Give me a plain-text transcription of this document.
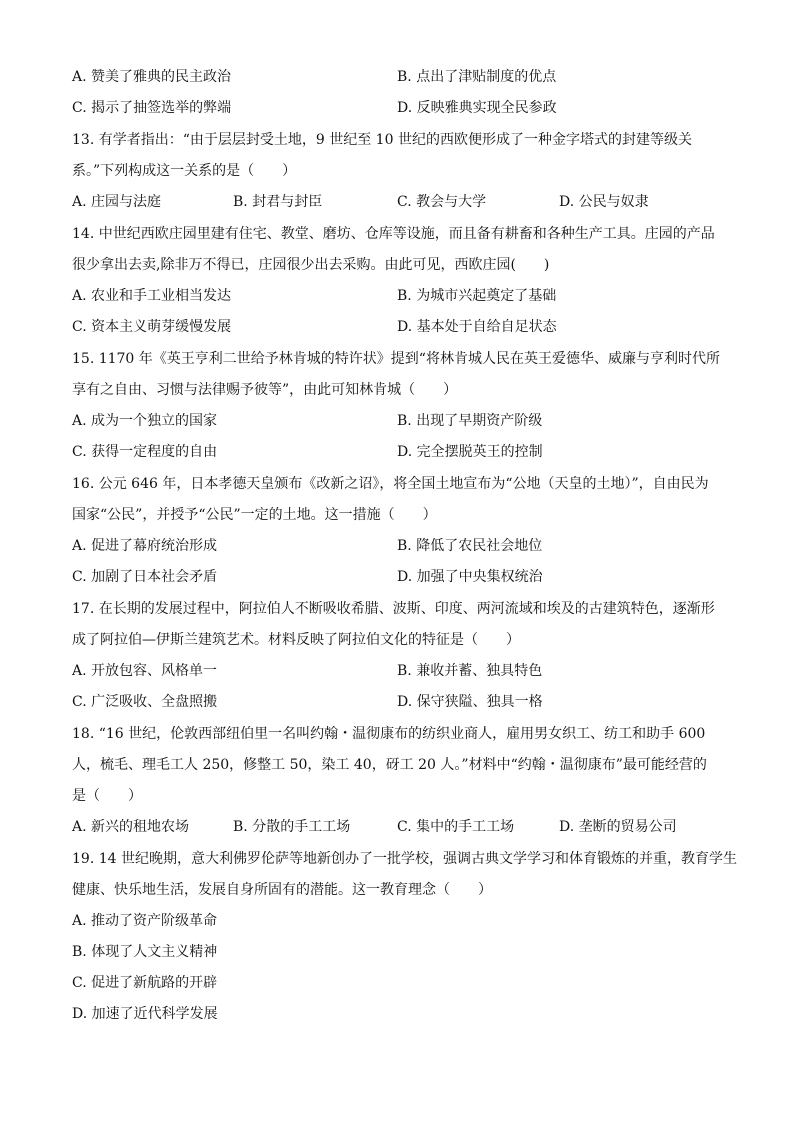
A. 赞美了雅典的民主政治	B. 点出了津贴制度的优点
C. 揭示了抽签选举的弊端	D. 反映雅典实现全民参政
13. 有学者指出：“由于层层封受土地，9 世纪至 10 世纪的西欧便形成了一种金字塔式的封建等级关
系。”下列构成这一关系的是（　　）
A. 庄园与法庭	B. 封君与封臣	C. 教会与大学	D. 公民与奴隶
14. 中世纪西欧庄园里建有住宅、教堂、磨坊、仓库等设施，而且备有耕畜和各种生产工具。庄园的产品
很少拿出去卖,除非万不得已，庄园很少出去采购。由此可见，西欧庄园(　　)
A. 农业和手工业相当发达	B. 为城市兴起奠定了基础
C. 资本主义萌芽缓慢发展	D. 基本处于自给自足状态
15. 1170 年《英王亨利二世给予林肯城的特许状》提到“将林肯城人民在英王爱德华、威廉与亨利时代所
享有之自由、习惯与法律赐予彼等”，由此可知林肯城（　　）
A. 成为一个独立的国家	B. 出现了早期资产阶级
C. 获得一定程度的自由	D. 完全摆脱英王的控制
16. 公元 646 年，日本孝德天皇颁布《改新之诏》，将全国土地宣布为“公地（天皇的土地）”，自由民为
国家“公民”，并授予“公民”一定的土地。这一措施（　　）
A. 促进了幕府统治形成	B. 降低了农民社会地位
C. 加剧了日本社会矛盾	D. 加强了中央集权统治
17. 在长期的发展过程中，阿拉伯人不断吸收希腊、波斯、印度、两河流域和埃及的古建筑特色，逐渐形
成了阿拉伯—伊斯兰建筑艺术。材料反映了阿拉伯文化的特征是（　　）
A. 开放包容、风格单一	B. 兼收并蓄、独具特色
C. 广泛吸收、全盘照搬	D. 保守狭隘、独具一格
18. “16 世纪，伦敦西部纽伯里一名叫约翰・温彻康布的纺织业商人，雇用男女织工、纺工和助手 600
人，梳毛、理毛工人 250，修整工 50，染工 40，砑工 20 人。”材料中“约翰・温彻康布”最可能经营的
是（　　）
A. 新兴的租地农场	B. 分散的手工工场	C. 集中的手工工场	D. 垄断的贸易公司
19. 14 世纪晚期，意大利佛罗伦萨等地新创办了一批学校，强调古典文学学习和体育锻炼的并重，教育学生
健康、快乐地生活，发展自身所固有的潜能。这一教育理念（　　）
A. 推动了资产阶级革命
B. 体现了人文主义精神
C. 促进了新航路的开辟
D. 加速了近代科学发展
